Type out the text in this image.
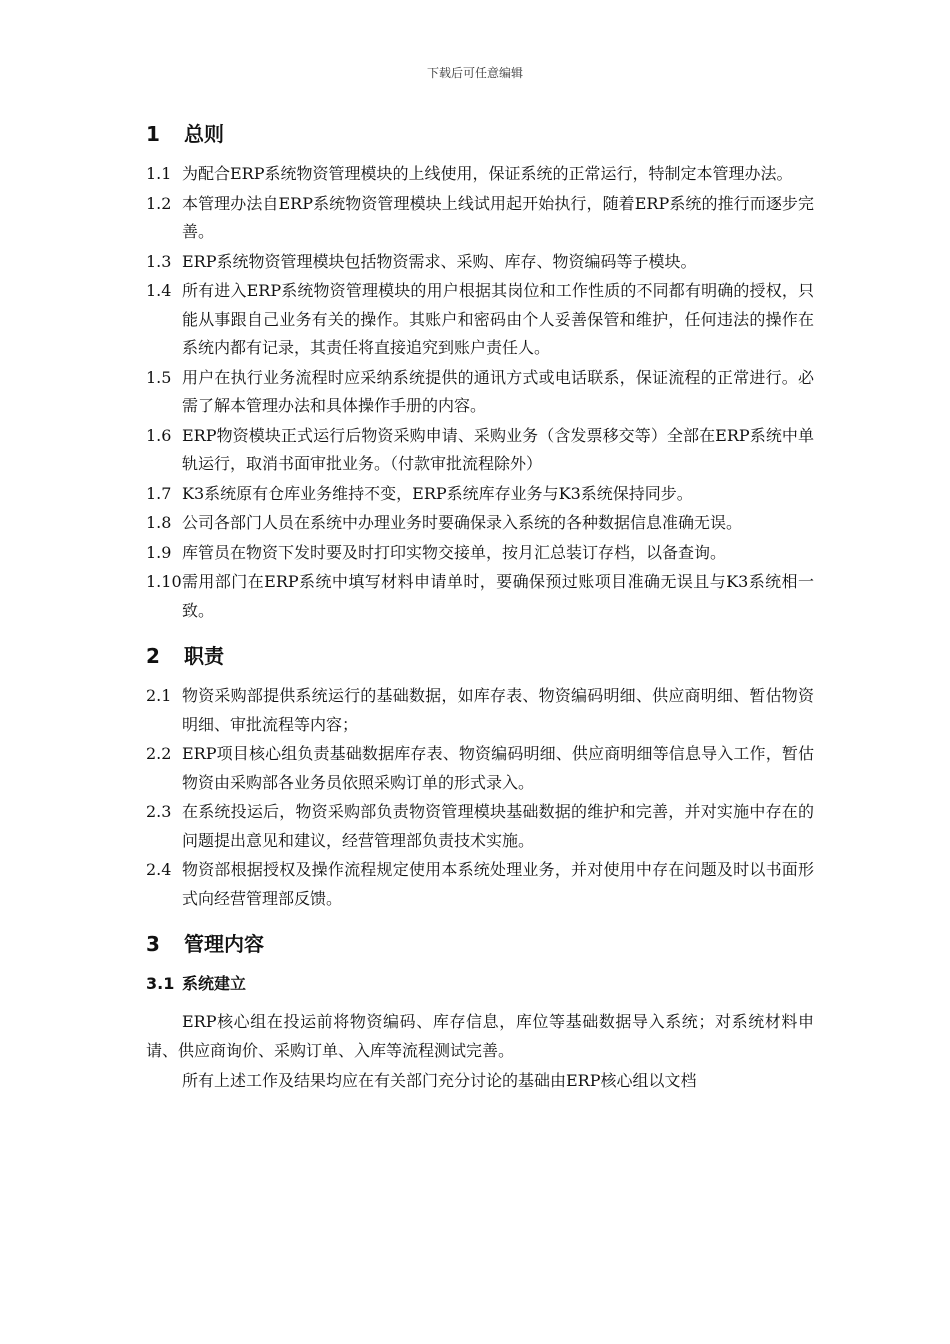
下载后可任意编辑
1	总则
1.1 为配合ERP系统物资管理模块的上线使用，保证系统的正常运行，特制定本管理办法。
1.2 本管理办法自ERP系统物资管理模块上线试用起开始执行，随着ERP系统的推行而逐步完善。
1.3 ERP系统物资管理模块包括物资需求、采购、库存、物资编码等子模块。
1.4 所有进入ERP系统物资管理模块的用户根据其岗位和工作性质的不同都有明确的授权，只能从事跟自己业务有关的操作。其账户和密码由个人妥善保管和维护，任何违法的操作在系统内都有记录，其责任将直接追究到账户责任人。
1.5 用户在执行业务流程时应采纳系统提供的通讯方式或电话联系，保证流程的正常进行。必需了解本管理办法和具体操作手册的内容。
1.6 ERP物资模块正式运行后物资采购申请、采购业务（含发票移交等）全部在ERP系统中单轨运行，取消书面审批业务。（付款审批流程除外）
1.7 K3系统原有仓库业务维持不变，ERP系统库存业务与K3系统保持同步。
1.8 公司各部门人员在系统中办理业务时要确保录入系统的各种数据信息准确无误。
1.9 库管员在物资下发时要及时打印实物交接单，按月汇总装订存档，以备查询。
1.10 需用部门在ERP系统中填写材料申请单时，要确保预过账项目准确无误且与K3系统相一致。
2	职责
2.1 物资采购部提供系统运行的基础数据，如库存表、物资编码明细、供应商明细、暂估物资明细、审批流程等内容；
2.2 ERP项目核心组负责基础数据库存表、物资编码明细、供应商明细等信息导入工作，暂估物资由采购部各业务员依照采购订单的形式录入。
2.3 在系统投运后，物资采购部负责物资管理模块基础数据的维护和完善，并对实施中存在的问题提出意见和建议，经营管理部负责技术实施。
2.4 物资部根据授权及操作流程规定使用本系统处理业务，并对使用中存在问题及时以书面形式向经营管理部反馈。
3	管理内容
3.1 系统建立

ERP核心组在投运前将物资编码、库存信息，库位等基础数据导入系统；对系统材料申请、供应商询价、采购订单、入库等流程测试完善。

所有上述工作及结果均应在有关部门充分讨论的基础由ERP核心组以文档
